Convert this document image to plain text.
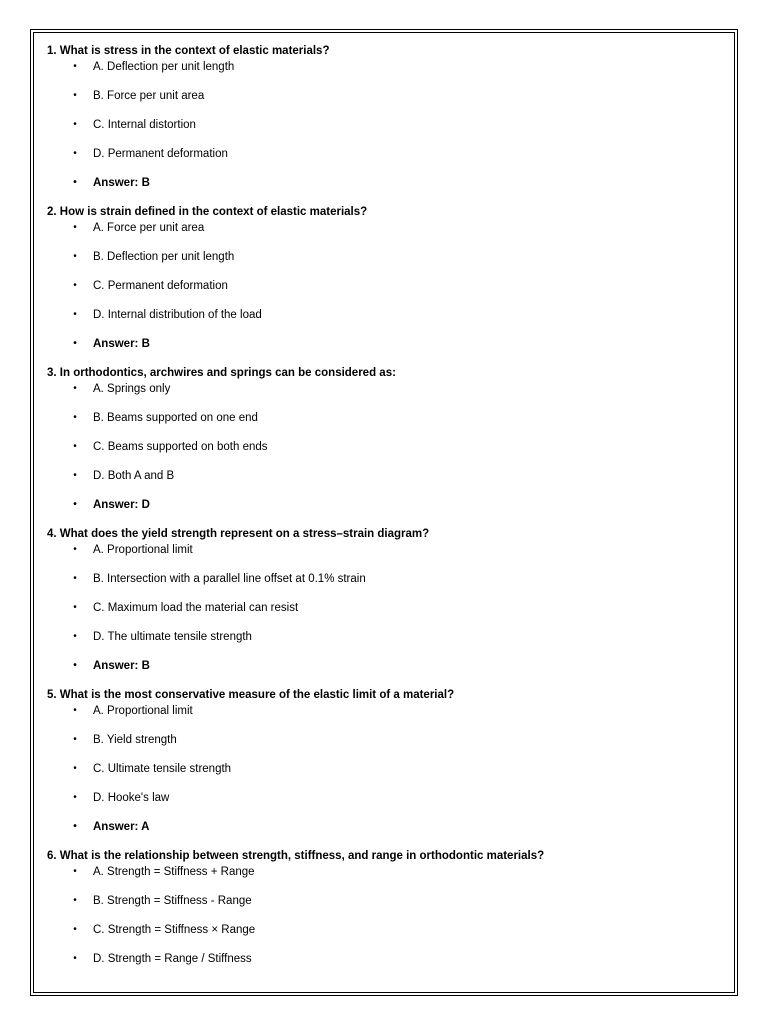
1. What is stress in the context of elastic materials?

• A. Deflection per unit length
• B. Force per unit area
• C. Internal distortion
• D. Permanent deformation
• Answer: B

2. How is strain defined in the context of elastic materials?

• A. Force per unit area
• B. Deflection per unit length
• C. Permanent deformation
• D. Internal distribution of the load
• Answer: B

3. In orthodontics, archwires and springs can be considered as:

• A. Springs only
• B. Beams supported on one end
• C. Beams supported on both ends
• D. Both A and B
• Answer: D

4. What does the yield strength represent on a stress–strain diagram?

• A. Proportional limit
• B. Intersection with a parallel line offset at 0.1% strain
• C. Maximum load the material can resist
• D. The ultimate tensile strength
• Answer: B

5. What is the most conservative measure of the elastic limit of a material?

• A. Proportional limit
• B. Yield strength
• C. Ultimate tensile strength
• D. Hooke's law
• Answer: A

6. What is the relationship between strength, stiffness, and range in orthodontic materials?

• A. Strength = Stiffness + Range
• B. Strength = Stiffness - Range
• C. Strength = Stiffness × Range
• D. Strength = Range / Stiffness
